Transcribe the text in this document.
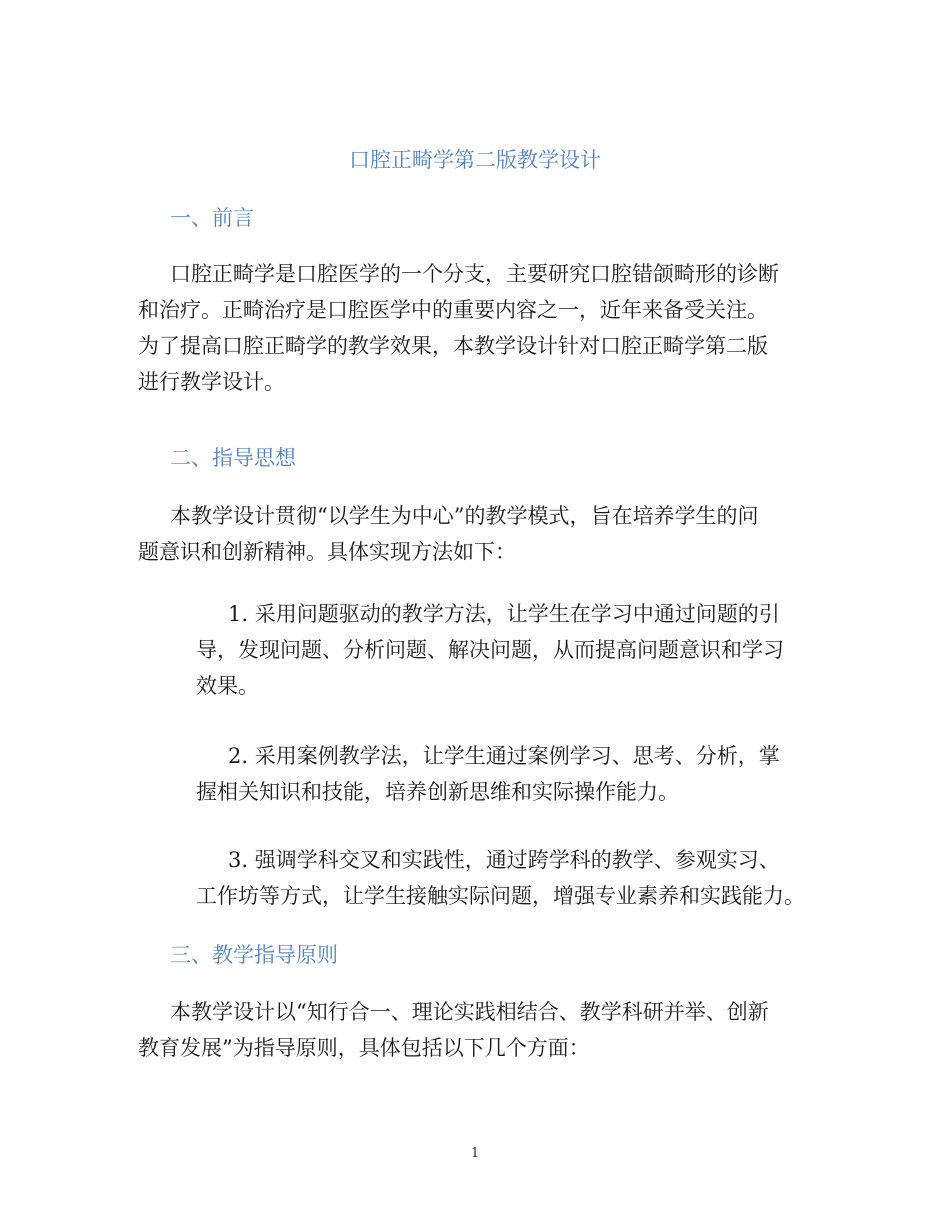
口腔正畸学第二版教学设计
一、前言

口腔正畸学是口腔医学的一个分支，主要研究口腔错颌畸形的诊断
和治疗。正畸治疗是口腔医学中的重要内容之一，近年来备受关注。
为了提高口腔正畸学的教学效果，本教学设计针对口腔正畸学第二版
进行教学设计。

二、指导思想

本教学设计贯彻“以学生为中心”的教学模式，旨在培养学生的问
题意识和创新精神。具体实现方法如下：

1. 采用问题驱动的教学方法，让学生在学习中通过问题的引
导，发现问题、分析问题、解决问题，从而提高问题意识和学习
效果。
2. 采用案例教学法，让学生通过案例学习、思考、分析，掌
握相关知识和技能，培养创新思维和实际操作能力。
3. 强调学科交叉和实践性，通过跨学科的教学、参观实习、
工作坊等方式，让学生接触实际问题，增强专业素养和实践能力。
三、教学指导原则

本教学设计以“知行合一、理论实践相结合、教学科研并举、创新
教育发展”为指导原则，具体包括以下几个方面：

1
